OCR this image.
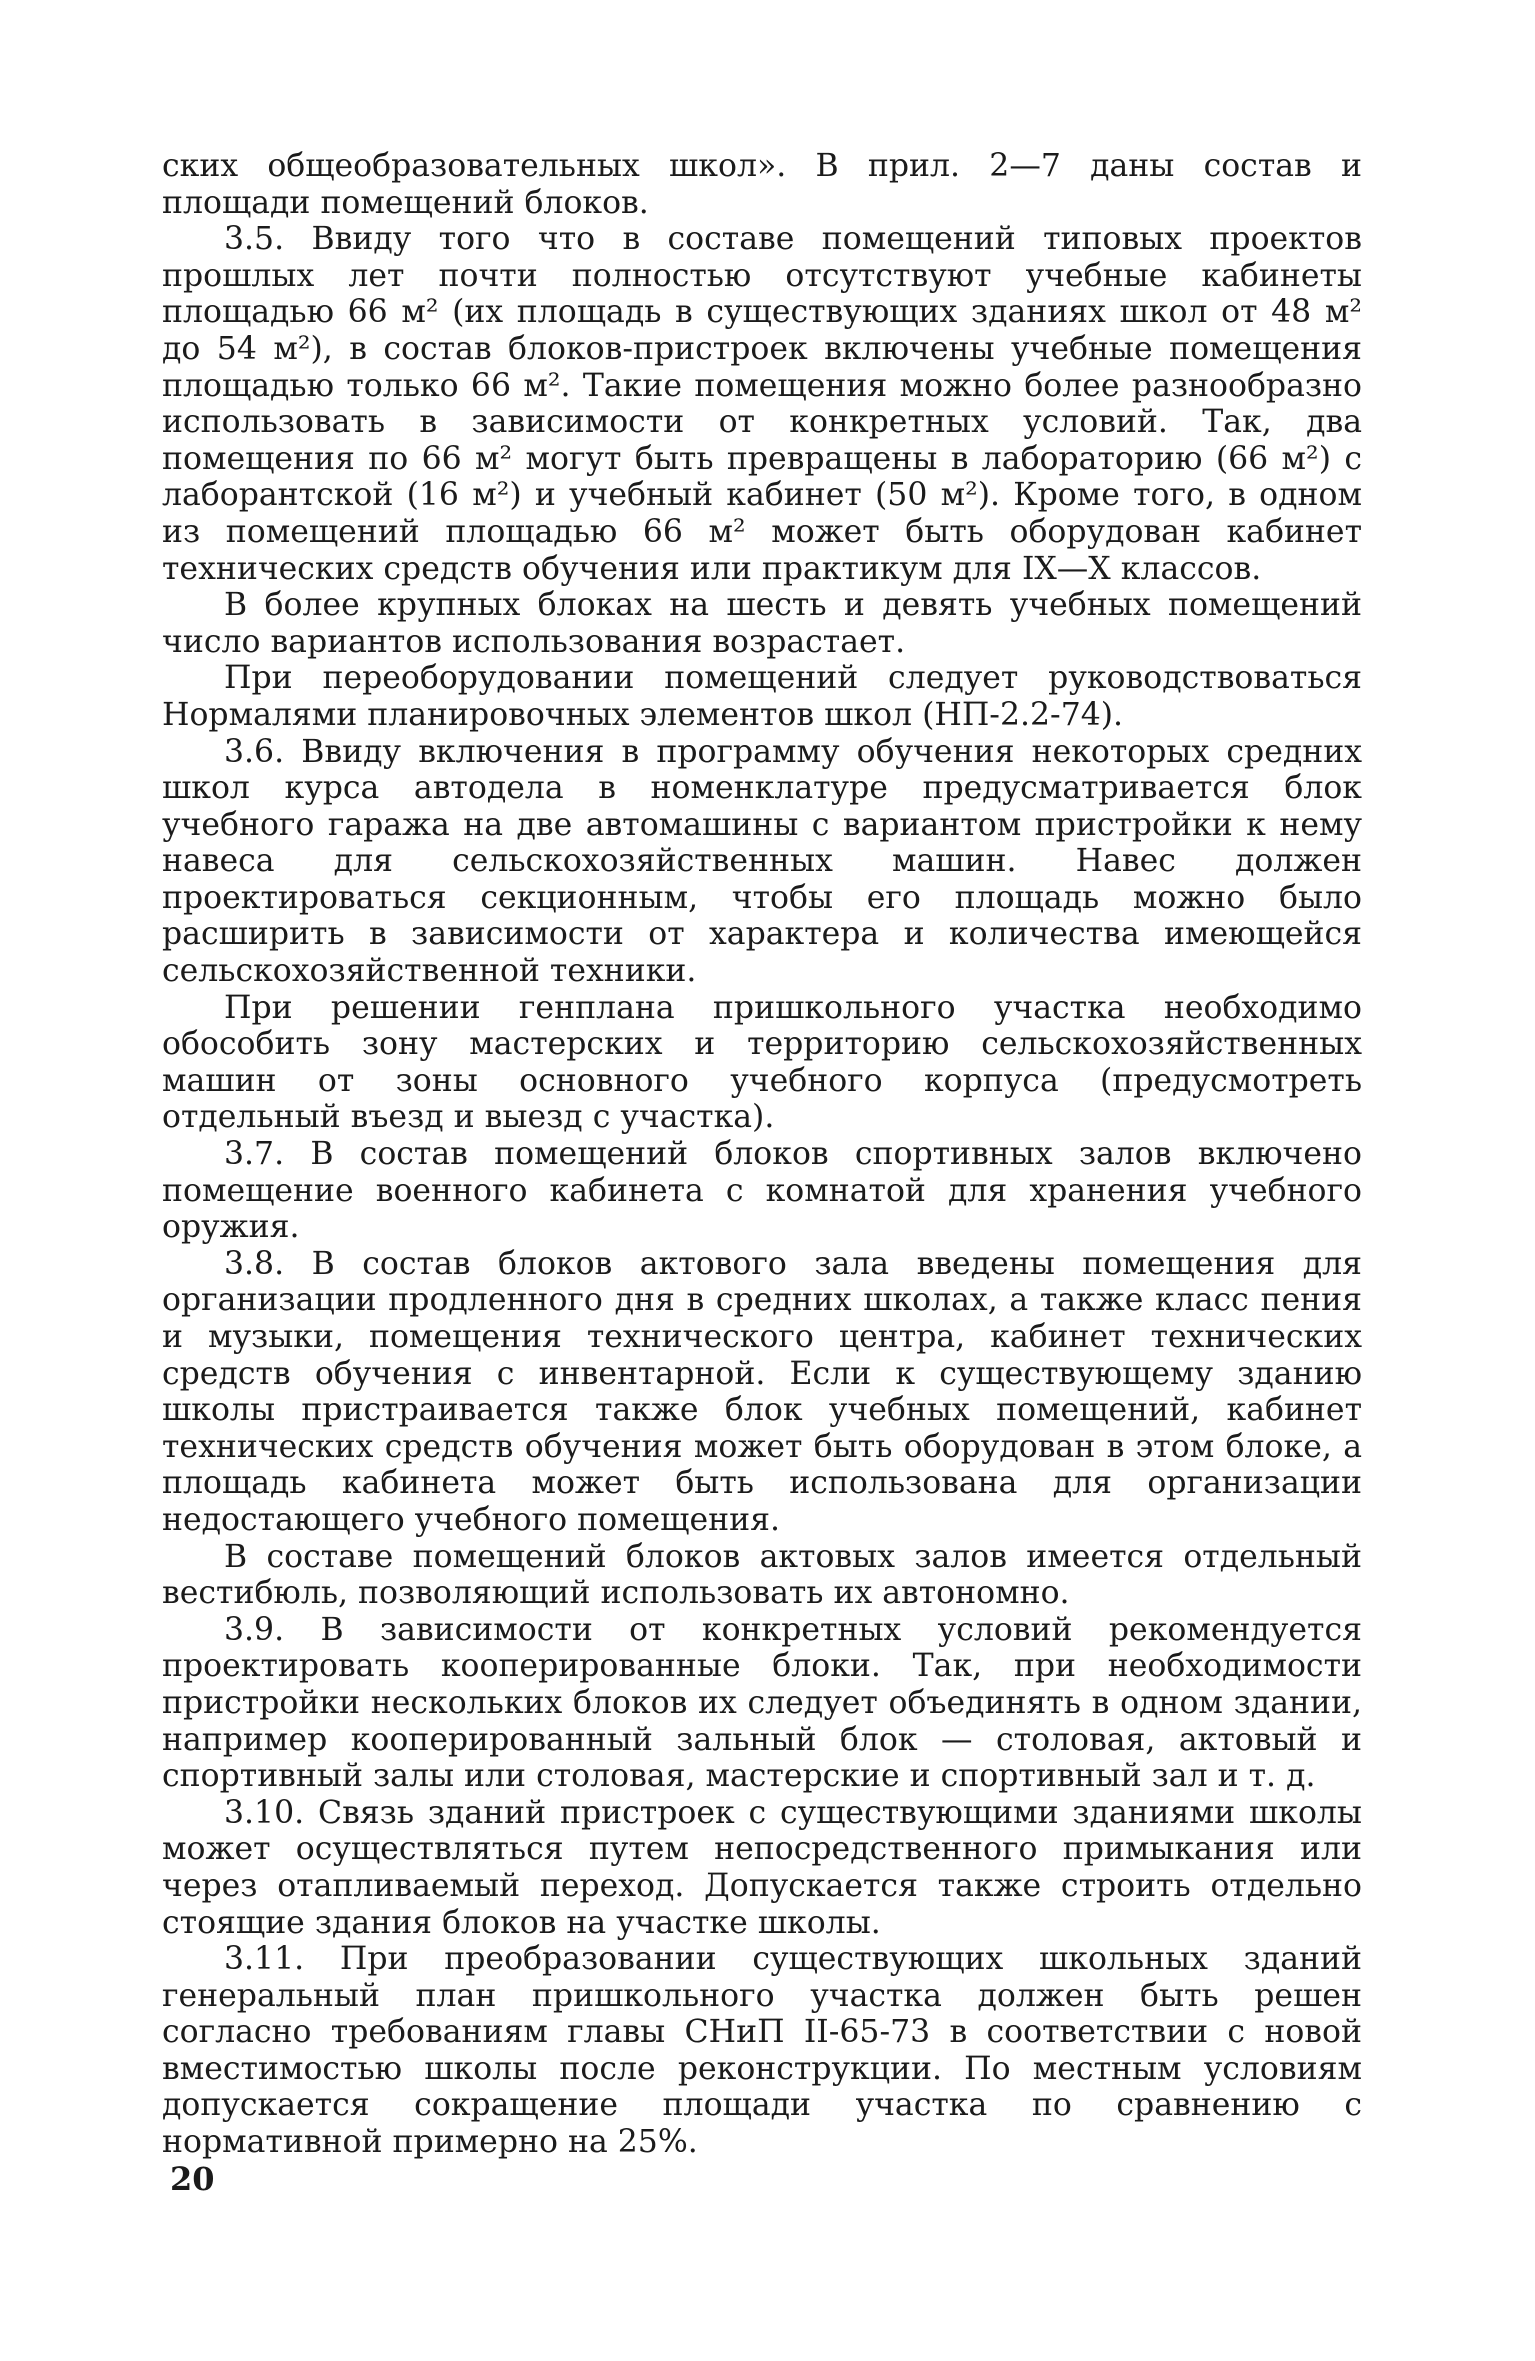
ских общеобразовательных школ». В прил. 2—7 даны состав и площади помещений блоков.

3.5. Ввиду того что в составе помещений типовых проектов прошлых лет почти полностью отсутствуют учебные кабинеты площадью 66 м² (их площадь в существующих зданиях школ от 48 м² до 54 м²), в состав блоков-пристроек включены учебные помещения площадью только 66 м². Такие помещения можно более разнообразно использовать в зависимости от конкретных условий. Так, два помещения по 66 м² могут быть превращены в лабораторию (66 м²) с лаборантской (16 м²) и учебный кабинет (50 м²). Кроме того, в одном из помещений площадью 66 м² может быть оборудован кабинет технических средств обучения или практикум для IX—X классов.

В более крупных блоках на шесть и девять учебных помещений число вариантов использования возрастает.

При переоборудовании помещений следует руководствоваться Нормалями планировочных элементов школ (НП-2.2-74).

3.6. Ввиду включения в программу обучения некоторых средних школ курса автодела в номенклатуре предусматривается блок учебного гаража на две автомашины с вариантом пристройки к нему навеса для сельскохозяйственных машин. Навес должен проектироваться секционным, чтобы его площадь можно было расширить в зависимости от характера и количества имеющейся сельскохозяйственной техники.

При решении генплана пришкольного участка необходимо обособить зону мастерских и территорию сельскохозяйственных машин от зоны основного учебного корпуса (предусмотреть отдельный въезд и выезд с участка).

3.7. В состав помещений блоков спортивных залов включено помещение военного кабинета с комнатой для хранения учебного оружия.

3.8. В состав блоков актового зала введены помещения для организации продленного дня в средних школах, а также класс пения и музыки, помещения технического центра, кабинет технических средств обучения с инвентарной. Если к существующему зданию школы пристраивается также блок учебных помещений, кабинет технических средств обучения может быть оборудован в этом блоке, а площадь кабинета может быть использована для организации недостающего учебного помещения.

В составе помещений блоков актовых залов имеется отдельный вестибюль, позволяющий использовать их автономно.

3.9. В зависимости от конкретных условий рекомендуется проектировать кооперированные блоки. Так, при необходимости пристройки нескольких блоков их следует объединять в одном здании, например кооперированный зальный блок — столовая, актовый и спортивный залы или столовая, мастерские и спортивный зал и т. д.

3.10. Связь зданий пристроек с существующими зданиями школы может осуществляться путем непосредственного примыкания или через отапливаемый переход. Допускается также строить отдельно стоящие здания блоков на участке школы.

3.11. При преобразовании существующих школьных зданий генеральный план пришкольного участка должен быть решен согласно требованиям главы СНиП II-65-73 в соответствии с новой вместимостью школы после реконструкции. По местным условиям допускается сокращение площади участка по сравнению с нормативной примерно на 25%.

20
